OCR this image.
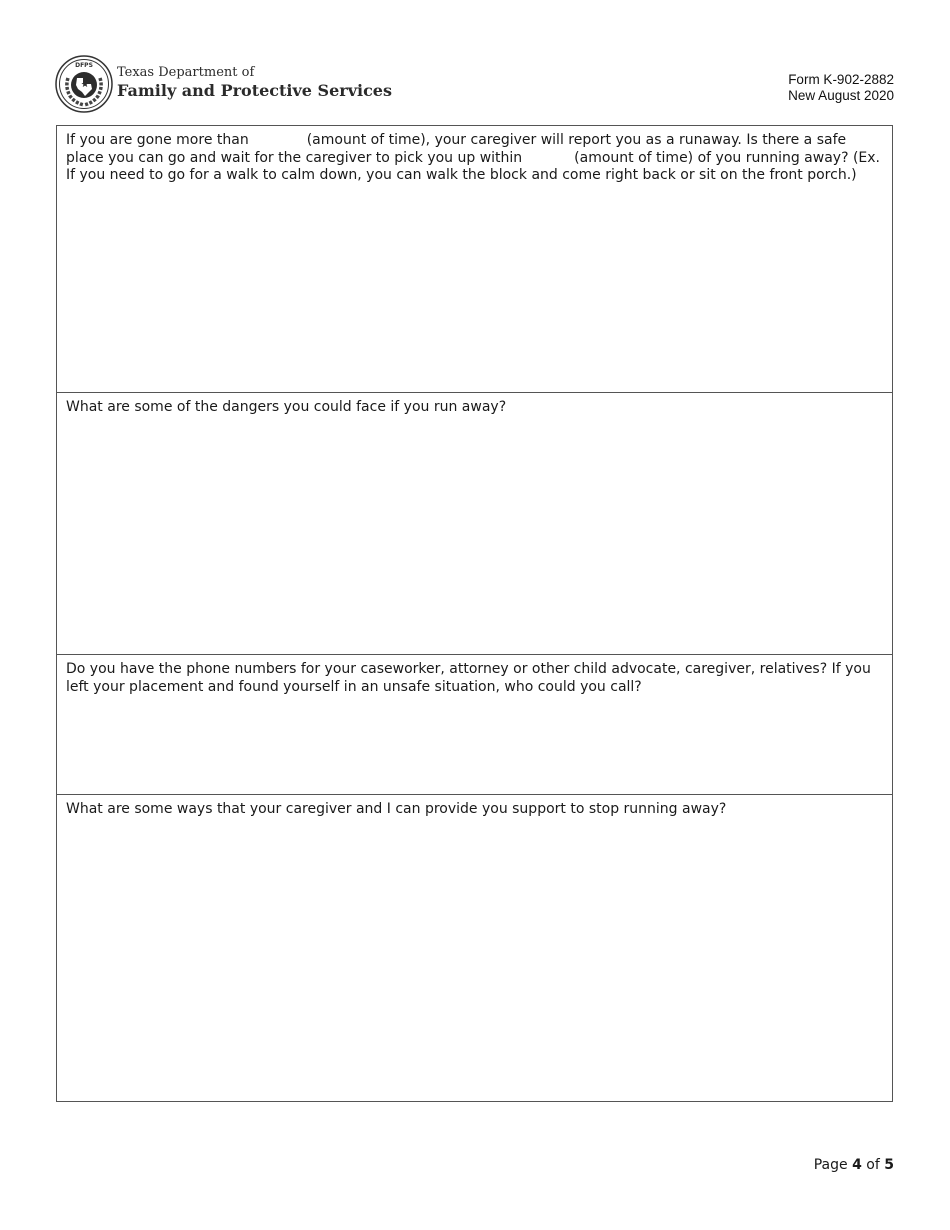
DFPS Texas Department of
Family and Protective Services
Form K-902-2882
New August 2020
If you are gone more than	(amount of time), your caregiver will report you as a runaway. Is there a safe place you can go and wait for the caregiver to pick you up within	(amount of time) of you running away? (Ex. If you need to go for a walk to calm down, you can walk the block and come right back or sit on the front porch.)
What are some of the dangers you could face if you run away?
Do you have the phone numbers for your caseworker, attorney or other child advocate, caregiver, relatives? If you left your placement and found yourself in an unsafe situation, who could you call?
What are some ways that your caregiver and I can provide you support to stop running away?
Page 4 of 5
